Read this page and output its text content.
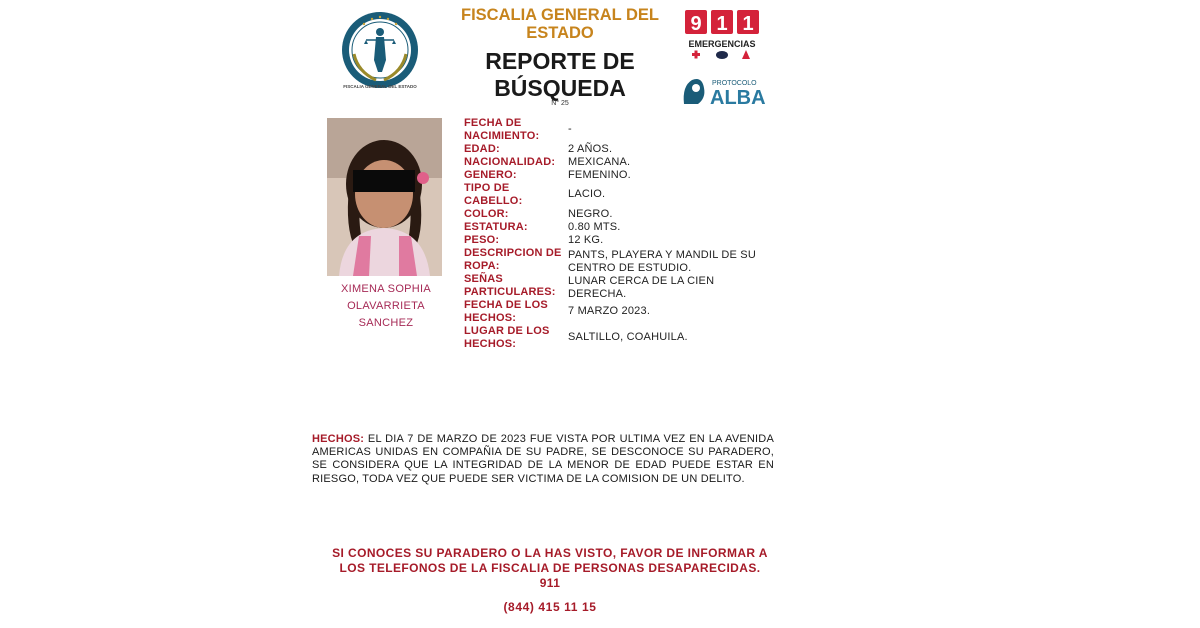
FISCALIA GENERAL DEL ESTADO
FISCALIA GENERAL DEL
ESTADO
REPORTE DE
BÚSQUEDA
N° 25
9 1 1
EMERGENCIAS
PROTOCOLO
ALBA
XIMENA SOPHIA
OLAVARRIETA
SANCHEZ
FECHA DE
NACIMIENTO:
-
EDAD:	2 AÑOS.
NACIONALIDAD: MEXICANA.
GENERO:	FEMENINO.
TIPO DE
CABELLO:
LACIO.
COLOR:	NEGRO.
ESTATURA:	0.80 MTS.
PESO:	12 KG.
DESCRIPCION DE
ROPA:
PANTS, PLAYERA Y MANDIL DE SU
CENTRO DE ESTUDIO.
SEÑAS
PARTICULARES:
LUNAR CERCA DE LA CIEN
DERECHA.
FECHA DE LOS
HECHOS:
7 MARZO 2023.
LUGAR DE LOS
HECHOS:
SALTILLO, COAHUILA.
HECHOS: EL DIA 7 DE MARZO DE 2023 FUE VISTA POR ULTIMA VEZ EN LA AVENIDA AMERICAS UNIDAS EN COMPAÑIA DE SU PADRE, SE DESCONOCE SU PARADERO, SE CONSIDERA QUE LA INTEGRIDAD DE LA MENOR DE EDAD PUEDE ESTAR EN RIESGO, TODA VEZ QUE PUEDE SER VICTIMA DE LA COMISION DE UN DELITO.
SI CONOCES SU PARADERO O LA HAS VISTO, FAVOR DE INFORMAR A
LOS TELEFONOS DE LA FISCALIA DE PERSONAS DESAPARECIDAS.
911
(844) 415 11 15
